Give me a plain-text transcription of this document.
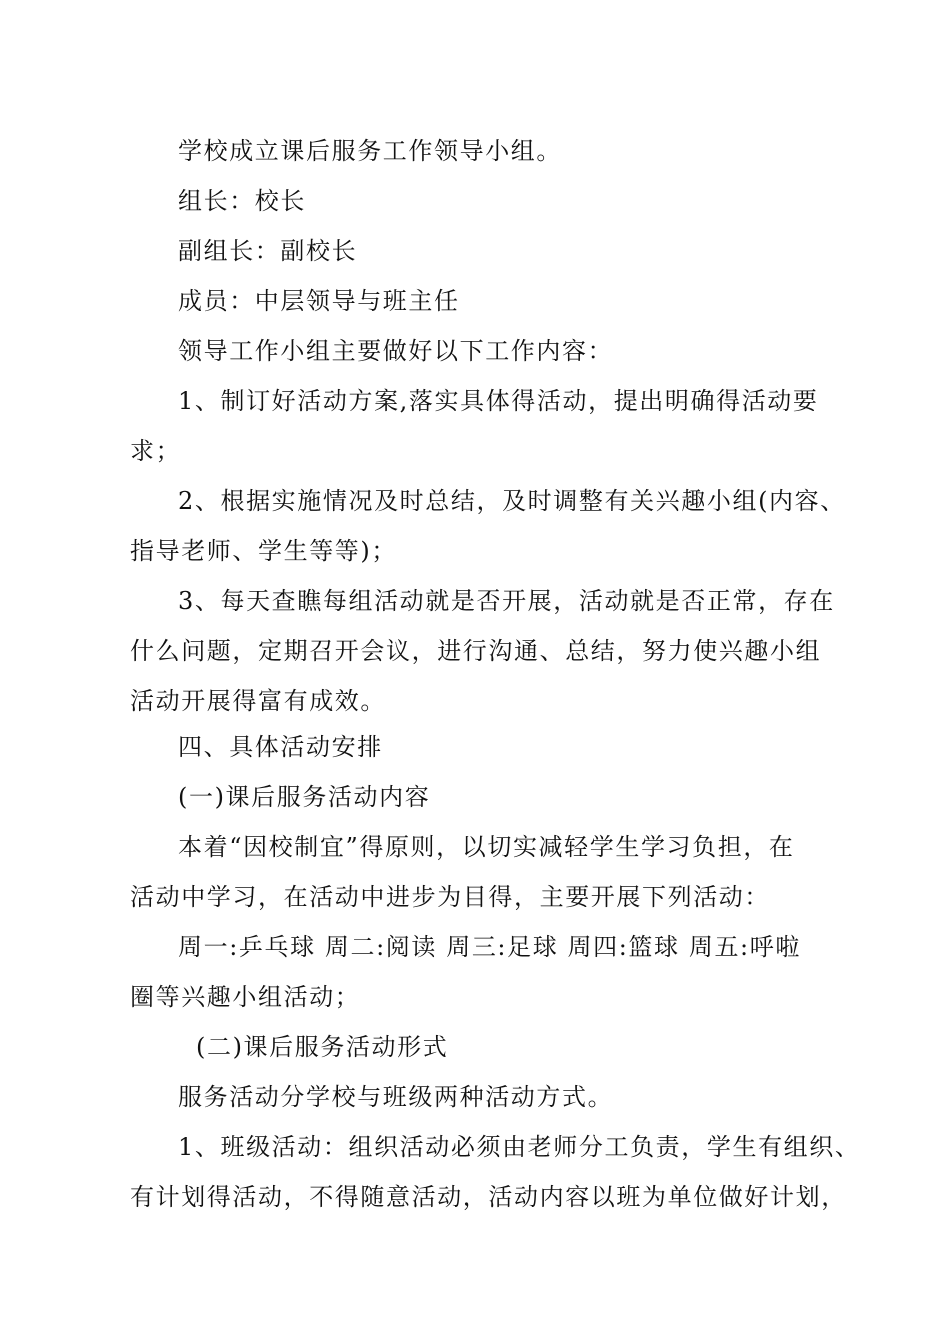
学校成立课后服务工作领导小组。
组长：校长
副组长：副校长
成员：中层领导与班主任
领导工作小组主要做好以下工作内容：
1、制订好活动方案,落实具体得活动，提出明确得活动要
求；
2、根据实施情况及时总结，及时调整有关兴趣小组(内容、
指导老师、学生等等)；
3、每天查瞧每组活动就是否开展，活动就是否正常，存在
什么问题，定期召开会议，进行沟通、总结，努力使兴趣小组
活动开展得富有成效。
四、具体活动安排
(一)课后服务活动内容
本着“因校制宜”得原则，以切实减轻学生学习负担，在
活动中学习，在活动中进步为目得，主要开展下列活动：
周一:乒乓球 周二:阅读 周三:足球 周四:篮球 周五:呼啦
圈等兴趣小组活动；
(二)课后服务活动形式
服务活动分学校与班级两种活动方式。
1、班级活动：组织活动必须由老师分工负责，学生有组织、
有计划得活动，不得随意活动，活动内容以班为单位做好计划，
